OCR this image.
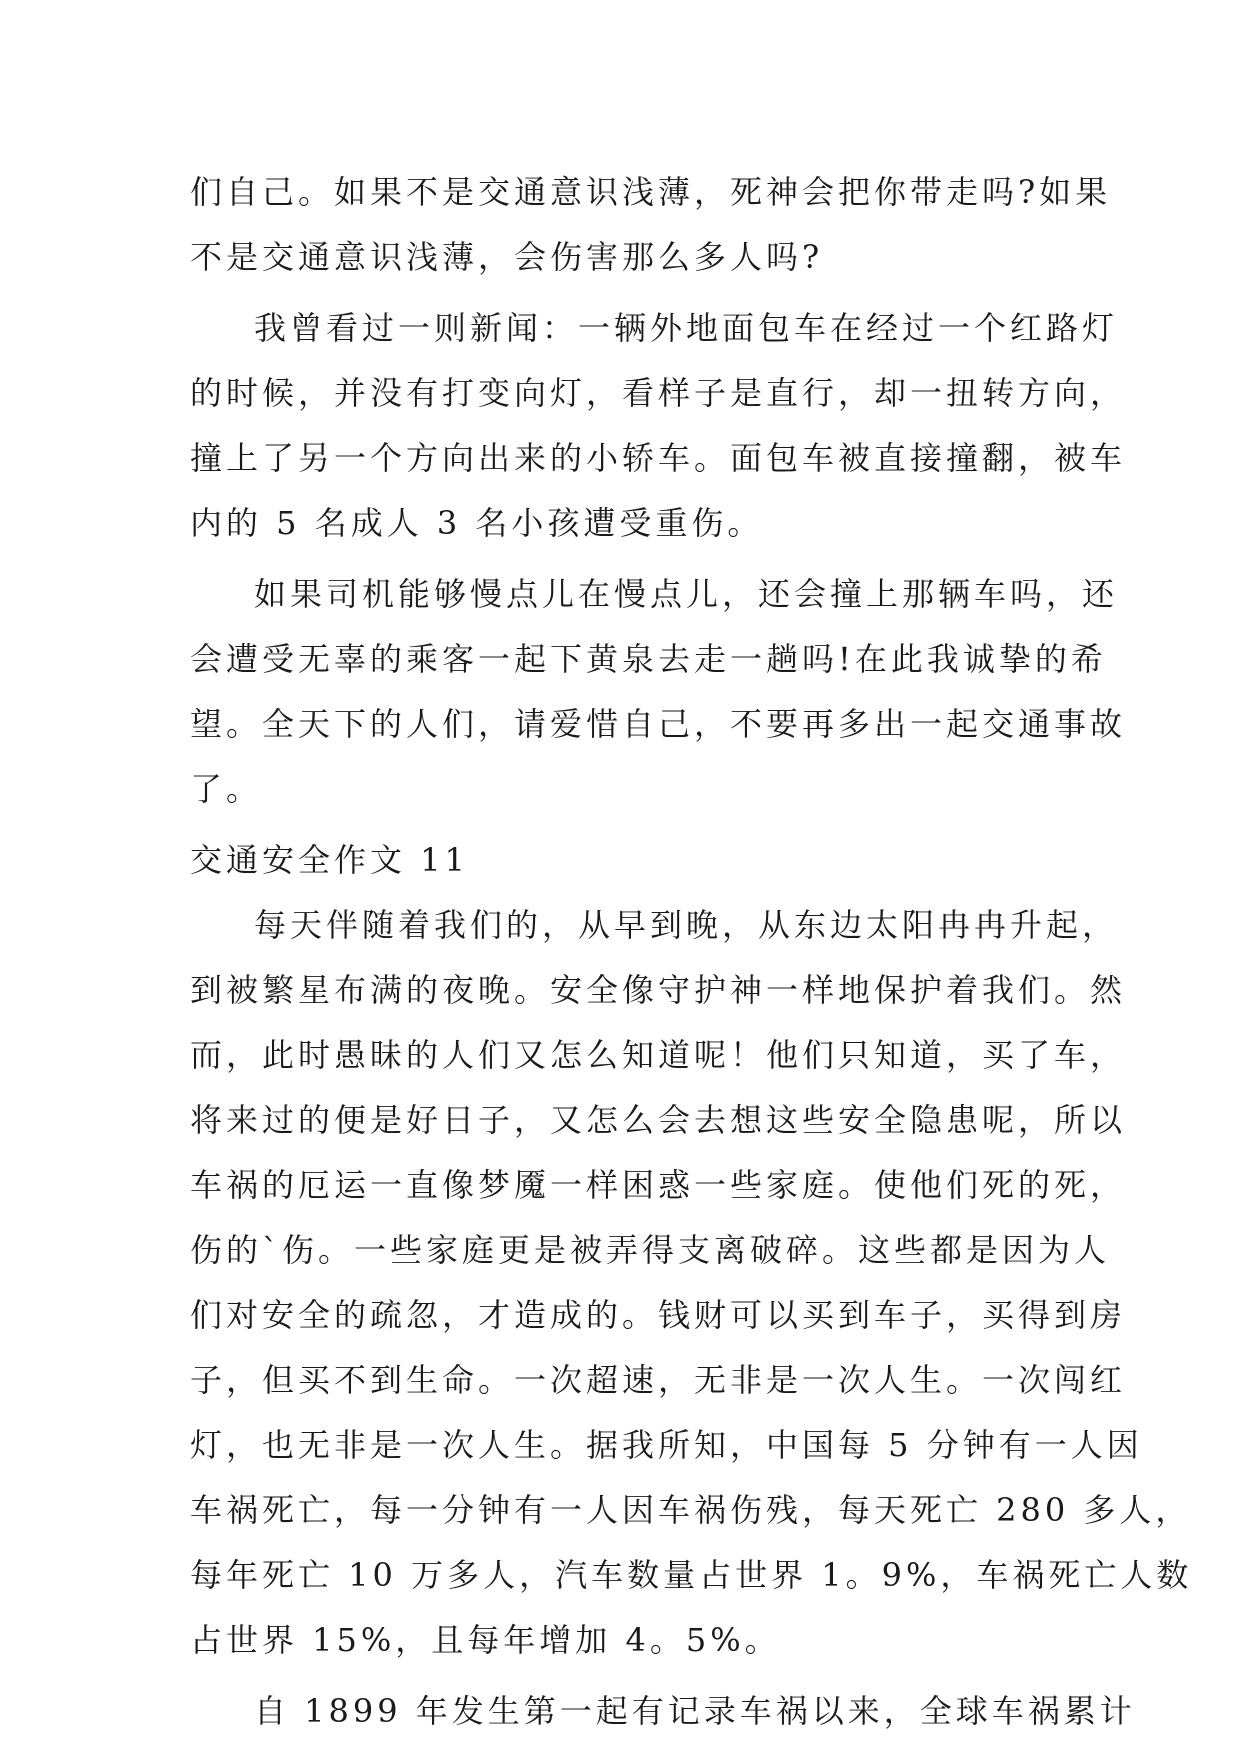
们自己。如果不是交通意识浅薄，死神会把你带走吗?如果
不是交通意识浅薄，会伤害那么多人吗?
我曾看过一则新闻：一辆外地面包车在经过一个红路灯
的时候，并没有打变向灯，看样子是直行，却一扭转方向，
撞上了另一个方向出来的小轿车。面包车被直接撞翻，被车
内的 5 名成人 3 名小孩遭受重伤。
如果司机能够慢点儿在慢点儿，还会撞上那辆车吗，还
会遭受无辜的乘客一起下黄泉去走一趟吗!在此我诚挚的希
望。全天下的人们，请爱惜自己，不要再多出一起交通事故
了。
交通安全作文 11
每天伴随着我们的，从早到晚，从东边太阳冉冉升起，
到被繁星布满的夜晚。安全像守护神一样地保护着我们。然
而，此时愚昧的人们又怎么知道呢！他们只知道，买了车，
将来过的便是好日子，又怎么会去想这些安全隐患呢，所以
车祸的厄运一直像梦魇一样困惑一些家庭。使他们死的死，
伤的`伤。一些家庭更是被弄得支离破碎。这些都是因为人
们对安全的疏忽，才造成的。钱财可以买到车子，买得到房
子，但买不到生命。一次超速，无非是一次人生。一次闯红
灯，也无非是一次人生。据我所知，中国每 5 分钟有一人因
车祸死亡，每一分钟有一人因车祸伤残，每天死亡 280 多人，
每年死亡 10 万多人，汽车数量占世界 1。9%，车祸死亡人数
占世界 15%，且每年增加 4。5%。
自 1899 年发生第一起有记录车祸以来，全球车祸累计
